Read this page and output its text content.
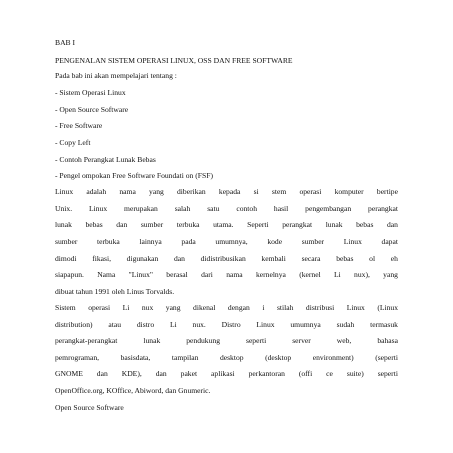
BAB I
PENGENALAN SISTEM OPERASI LINUX, OSS DAN FREE SOFTWARE
Pada bab ini akan mempelajari tentang :
- Sistem Operasi Linux
- Open Source Software
- Free Software
- Copy Left
- Contoh Perangkat Lunak Bebas
- Pengel ompokan Free Software Foundati on (FSF)
Linux adalah nama yang diberikan kepada si stem operasi komputer bertipe
Unix. Linux merupakan salah satu contoh hasil pengembangan perangkat
lunak bebas dan sumber terbuka utama. Seperti perangkat lunak bebas dan
sumber	terbuka	lainnya	pada	umumnya,	kode	sumber	Linux	dapat
dimodi fikasi, digunakan dan didistribusikan kembali secara bebas ol eh
siapapun. Nama "Linux" berasal dari nama kernelnya (kernel Li nux), yang
dibuat tahun 1991 oleh Linus Torvalds.
Sistem operasi Li nux yang dikenal dengan i stilah distribusi Linux (Linux
distribution) atau distro Li nux. Distro Linux umumnya sudah termasuk
perangkat-perangkat	lunak	pendukung	seperti	server	web,	bahasa
pemrograman,	basisdata,	tampilan	desktop	(desktop	environment)	(seperti
GNOME dan KDE), dan paket aplikasi perkantoran (offi ce suite) seperti
OpenOffice.org, KOffice, Abiword, dan Gnumeric.
Open Source Software
